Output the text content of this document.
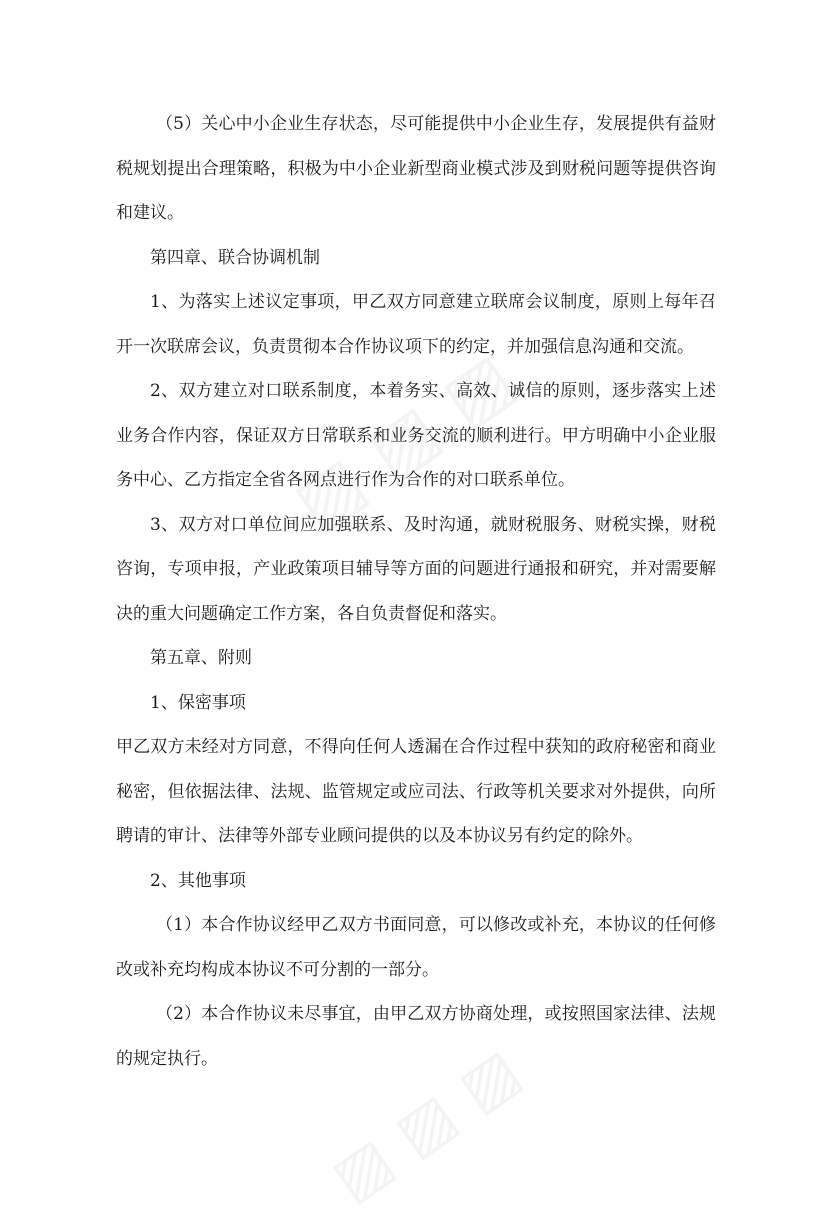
（5）关心中小企业生存状态，尽可能提供中小企业生存，发展提供有益财税规划提出合理策略，积极为中小企业新型商业模式涉及到财税问题等提供咨询和建议。

第四章、联合协调机制

1、为落实上述议定事项，甲乙双方同意建立联席会议制度，原则上每年召开一次联席会议，负责贯彻本合作协议项下的约定，并加强信息沟通和交流。

2、双方建立对口联系制度，本着务实、高效、诚信的原则，逐步落实上述业务合作内容，保证双方日常联系和业务交流的顺利进行。甲方明确中小企业服务中心、乙方指定全省各网点进行作为合作的对口联系单位。

3、双方对口单位间应加强联系、及时沟通，就财税服务、财税实操，财税咨询，专项申报，产业政策项目辅导等方面的问题进行通报和研究，并对需要解决的重大问题确定工作方案，各自负责督促和落实。

第五章、附则

1、保密事项

甲乙双方未经对方同意，不得向任何人透漏在合作过程中获知的政府秘密和商业秘密，但依据法律、法规、监管规定或应司法、行政等机关要求对外提供，向所聘请的审计、法律等外部专业顾问提供的以及本协议另有约定的除外。

2、其他事项

（1）本合作协议经甲乙双方书面同意，可以修改或补充，本协议的任何修改或补充均构成本协议不可分割的一部分。

（2）本合作协议未尽事宜，由甲乙双方协商处理，或按照国家法律、法规的规定执行。
